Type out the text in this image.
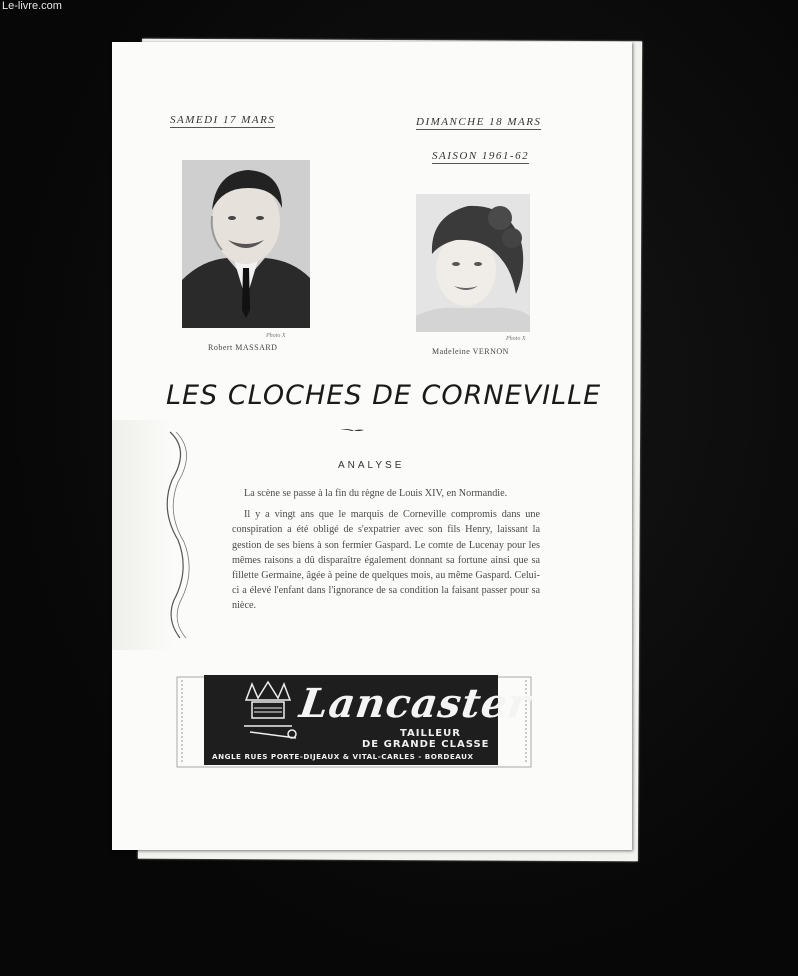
Le-livre.com
SAMEDI 17 MARS	DIMANCHE 18 MARS
SAISON 1961-62
Photo X
Robert MASSARD
Photo X
Madeleine VERNON
LES CLOCHES DE CORNEVILLE
ANALYSE

La scène se passe à la fin du règne de Louis XIV, en Normandie.

Il y a vingt ans que le marquis de Corneville compromis dans une conspiration a été obligé de s'expatrier avec son fils Henry, laissant la gestion de ses biens à son fermier Gaspard. Le comte de Lucenay pour les mêmes raisons a dû disparaître également donnant sa fortune ainsi que sa fillette Germaine, âgée à peine de quelques mois, au même Gaspard. Celui-ci a élevé l'enfant dans l'ignorance de sa condition la faisant passer pour sa nièce.

Lancaster
TAILLEUR
DE GRANDE CLASSE
ANGLE RUES PORTE-DIJEAUX & VITAL-CARLES - BORDEAUX
